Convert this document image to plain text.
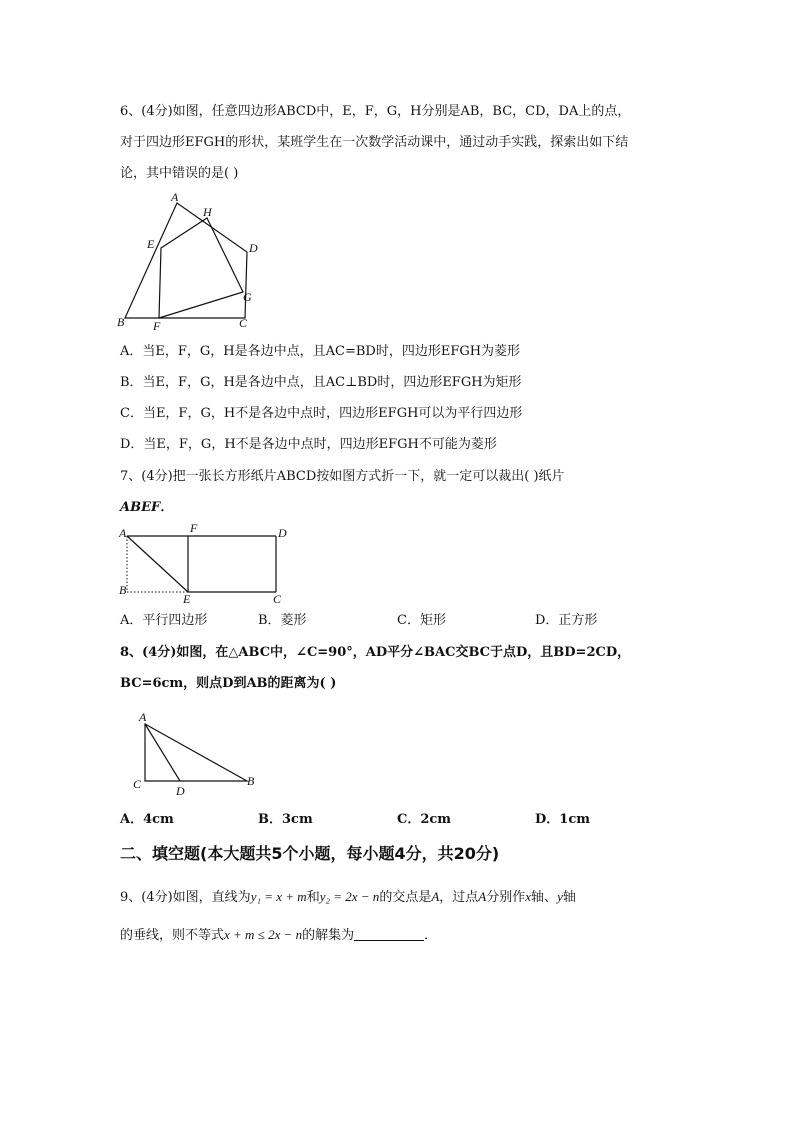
6、(4分)如图，任意四边形ABCD中，E，F，G，H分别是AB，BC，CD，DA上的点，
对于四边形EFGH的形状，某班学生在一次数学活动课中，通过动手实践，探索出如下结
论，其中错误的是( )
A
H
E	D
G
B F	C
A．当E，F，G，H是各边中点，且AC=BD时，四边形EFGH为菱形
B．当E，F，G，H是各边中点，且AC⊥BD时，四边形EFGH为矩形
C．当E，F，G，H不是各边中点时，四边形EFGH可以为平行四边形
D．当E，F，G，H不是各边中点时，四边形EFGH不可能为菱形
7、(4分)把一张长方形纸片ABCD按如图方式折一下，就一定可以裁出( )纸片
ABEF．
A	F	D
B
E	C
A．平行四边形	B．菱形	C．矩形	D．正方形
8、(4分)如图，在△ABC中，∠C=90°，AD平分∠BAC交BC于点D，且BD=2CD，
BC=6cm，则点D到AB的距离为( )
A
C	D
B
A．4cm	B．3cm	C．2cm	D．1cm
二、填空题(本大题共5个小题，每小题4分，共20分)
9、(4分)如图，直线为y₁ = x + m和y₂ = 2x − n的交点是A，过点A分别作x轴、y轴
的垂线，则不等式x + m ≤ 2x − n的解集为	．
